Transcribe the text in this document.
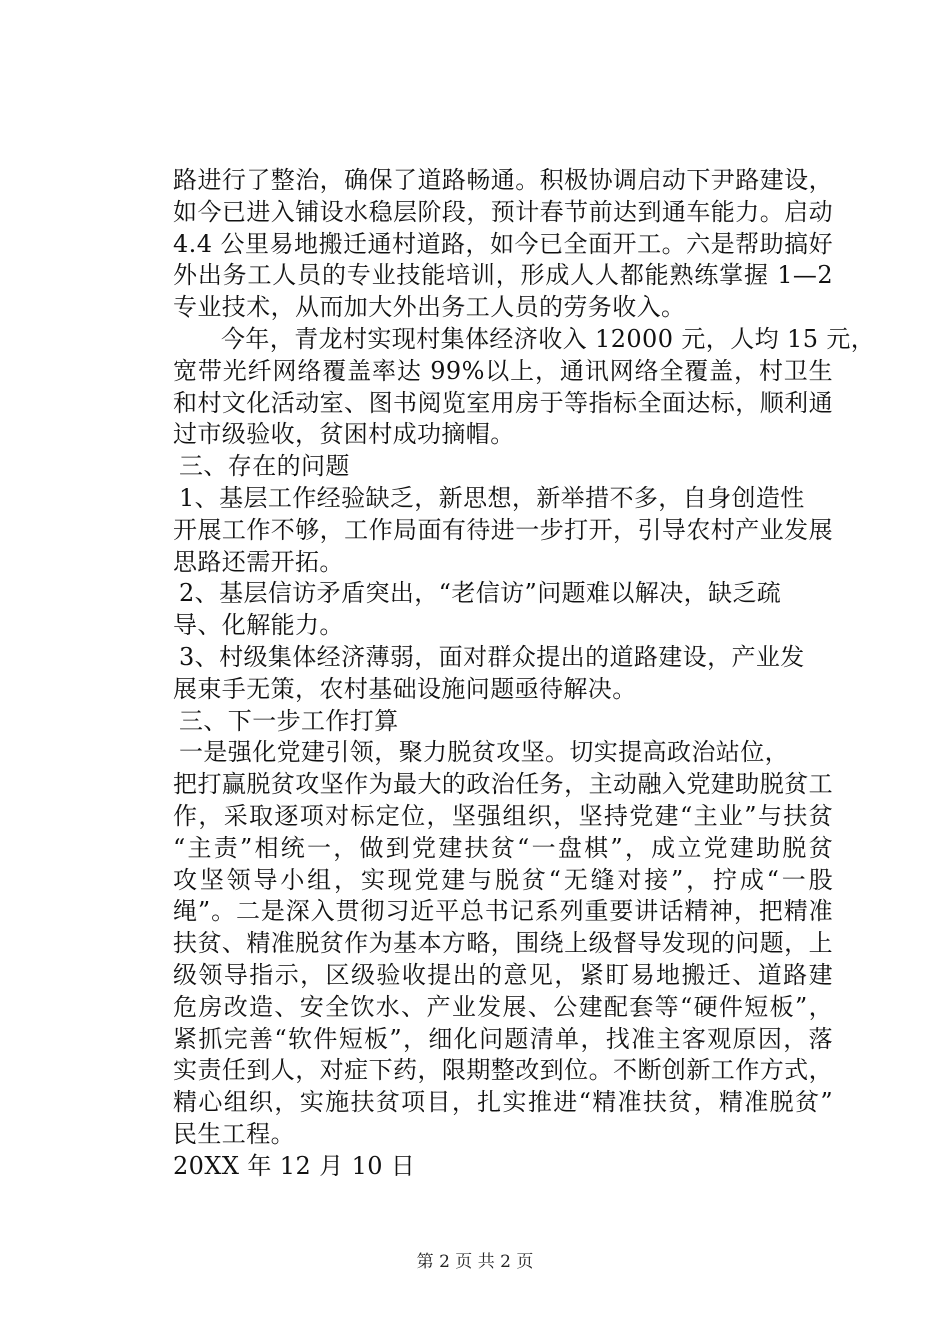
路进行了整治，确保了道路畅通。积极协调启动下尹路建设，
如今已进入铺设水稳层阶段，预计春节前达到通车能力。启动
4.4 公里易地搬迁通村道路，如今已全面开工。六是帮助搞好
外出务工人员的专业技能培训，形成人人都能熟练掌握 1—2
专业技术，从而加大外出务工人员的劳务收入。
今年，青龙村实现村集体经济收入 12000 元，人均 15 元，
宽带光纤网络覆盖率达 99%以上，通讯网络全覆盖，村卫生
和村文化活动室、图书阅览室用房于等指标全面达标，顺利通
过市级验收，贫困村成功摘帽。
三、存在的问题
1、基层工作经验缺乏，新思想，新举措不多，自身创造性
开展工作不够，工作局面有待进一步打开，引导农村产业发展
思路还需开拓。
2、基层信访矛盾突出，“老信访”问题难以解决，缺乏疏
导、化解能力。
3、村级集体经济薄弱，面对群众提出的道路建设，产业发
展束手无策，农村基础设施问题亟待解决。
三、下一步工作打算
一是强化党建引领，聚力脱贫攻坚。切实提高政治站位，
把打赢脱贫攻坚作为最大的政治任务，主动融入党建助脱贫工
作，采取逐项对标定位，坚强组织，坚持党建“主业”与扶贫
“主责”相统一，做到党建扶贫“一盘棋”，成立党建助脱贫
攻坚领导小组，实现党建与脱贫“无缝对接”，拧成“一股
绳”。二是深入贯彻习近平总书记系列重要讲话精神，把精准
扶贫、精准脱贫作为基本方略，围绕上级督导发现的问题，上
级领导指示，区级验收提出的意见，紧盯易地搬迁、道路建
危房改造、安全饮水、产业发展、公建配套等“硬件短板”，
紧抓完善“软件短板”，细化问题清单，找准主客观原因，落
实责任到人，对症下药，限期整改到位。不断创新工作方式，
精心组织，实施扶贫项目，扎实推进“精准扶贫，精准脱贫”
民生工程。
20XX 年 12 月 10 日
第 2 页 共 2 页
